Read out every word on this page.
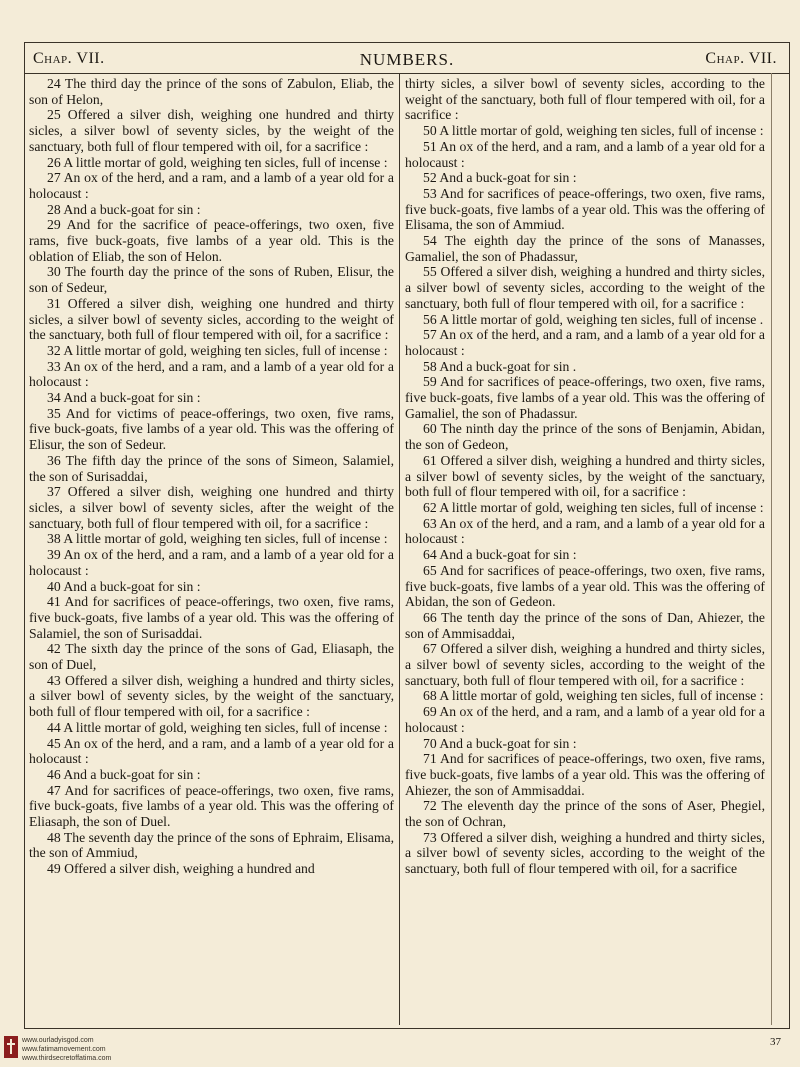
Chap. VII.	NUMBERS.	Chap. VII.

24 The third day the prince of the sons of Zabulon, Eliab, the son of Helon,

25 Offered a silver dish, weighing one hundred and thirty sicles, a silver bowl of seventy sicles, by the weight of the sanctuary, both full of flour tempered with oil, for a sacrifice :

26 A little mortar of gold, weighing ten sicles, full of incense :

27 An ox of the herd, and a ram, and a lamb of a year old for a holocaust :

28 And a buck-goat for sin :

29 And for the sacrifice of peace-offerings, two oxen, five rams, five buck-goats, five lambs of a year old. This is the oblation of Eliab, the son of Helon.

30 The fourth day the prince of the sons of Ruben, Elisur, the son of Sedeur,

31 Offered a silver dish, weighing one hundred and thirty sicles, a silver bowl of seventy sicles, according to the weight of the sanctuary, both full of flour tempered with oil, for a sacrifice :

32 A little mortar of gold, weighing ten sicles, full of incense :

33 An ox of the herd, and a ram, and a lamb of a year old for a holocaust :

34 And a buck-goat for sin :

35 And for victims of peace-offerings, two oxen, five rams, five buck-goats, five lambs of a year old. This was the offering of Elisur, the son of Sedeur.

36 The fifth day the prince of the sons of Simeon, Salamiel, the son of Surisaddai,

37 Offered a silver dish, weighing one hundred and thirty sicles, a silver bowl of seventy sicles, after the weight of the sanctuary, both full of flour tempered with oil, for a sacrifice :

38 A little mortar of gold, weighing ten sicles, full of incense :

39 An ox of the herd, and a ram, and a lamb of a year old for a holocaust :

40 And a buck-goat for sin :

41 And for sacrifices of peace-offerings, two oxen, five rams, five buck-goats, five lambs of a year old. This was the offering of Salamiel, the son of Surisaddai.

42 The sixth day the prince of the sons of Gad, Eliasaph, the son of Duel,

43 Offered a silver dish, weighing a hundred and thirty sicles, a silver bowl of seventy sicles, by the weight of the sanctuary, both full of flour tempered with oil, for a sacrifice :

44 A little mortar of gold, weighing ten sicles, full of incense :

45 An ox of the herd, and a ram, and a lamb of a year old for a holocaust :

46 And a buck-goat for sin :

47 And for sacrifices of peace-offerings, two oxen, five rams, five buck-goats, five lambs of a year old. This was the offering of Eliasaph, the son of Duel.

48 The seventh day the prince of the sons of Ephraim, Elisama, the son of Ammiud,

49 Offered a silver dish, weighing a hundred and

thirty sicles, a silver bowl of seventy sicles, according to the weight of the sanctuary, both full of flour tempered with oil, for a sacrifice :

50 A little mortar of gold, weighing ten sicles, full of incense :

51 An ox of the herd, and a ram, and a lamb of a year old for a holocaust :

52 And a buck-goat for sin :

53 And for sacrifices of peace-offerings, two oxen, five rams, five buck-goats, five lambs of a year old. This was the offering of Elisama, the son of Ammiud.

54 The eighth day the prince of the sons of Manasses, Gamaliel, the son of Phadassur,

55 Offered a silver dish, weighing a hundred and thirty sicles, a silver bowl of seventy sicles, according to the weight of the sanctuary, both full of flour tempered with oil, for a sacrifice :

56 A little mortar of gold, weighing ten sicles, full of incense .

57 An ox of the herd, and a ram, and a lamb of a year old for a holocaust :

58 And a buck-goat for sin .

59 And for sacrifices of peace-offerings, two oxen, five rams, five buck-goats, five lambs of a year old. This was the offering of Gamaliel, the son of Phadassur.

60 The ninth day the prince of the sons of Benjamin, Abidan, the son of Gedeon,

61 Offered a silver dish, weighing a hundred and thirty sicles, a silver bowl of seventy sicles, by the weight of the sanctuary, both full of flour tempered with oil, for a sacrifice :

62 A little mortar of gold, weighing ten sicles, full of incense :

63 An ox of the herd, and a ram, and a lamb of a year old for a holocaust :

64 And a buck-goat for sin :

65 And for sacrifices of peace-offerings, two oxen, five rams, five buck-goats, five lambs of a year old. This was the offering of Abidan, the son of Gedeon.

66 The tenth day the prince of the sons of Dan, Ahiezer, the son of Ammisaddai,

67 Offered a silver dish, weighing a hundred and thirty sicles, a silver bowl of seventy sicles, according to the weight of the sanctuary, both full of flour tempered with oil, for a sacrifice :

68 A little mortar of gold, weighing ten sicles, full of incense :

69 An ox of the herd, and a ram, and a lamb of a year old for a holocaust :

70 And a buck-goat for sin :

71 And for sacrifices of peace-offerings, two oxen, five rams, five buck-goats, five lambs of a year old. This was the offering of Ahiezer, the son of Ammisaddai.

72 The eleventh day the prince of the sons of Aser, Phegiel, the son of Ochran,

73 Offered a silver dish, weighing a hundred and thirty sicles, a silver bowl of seventy sicles, according to the weight of the sanctuary, both full of flour tempered with oil, for a sacrifice

37
www.ourladyisgod.com
www.fatimamovement.com
www.thirdsecretoffatima.com
